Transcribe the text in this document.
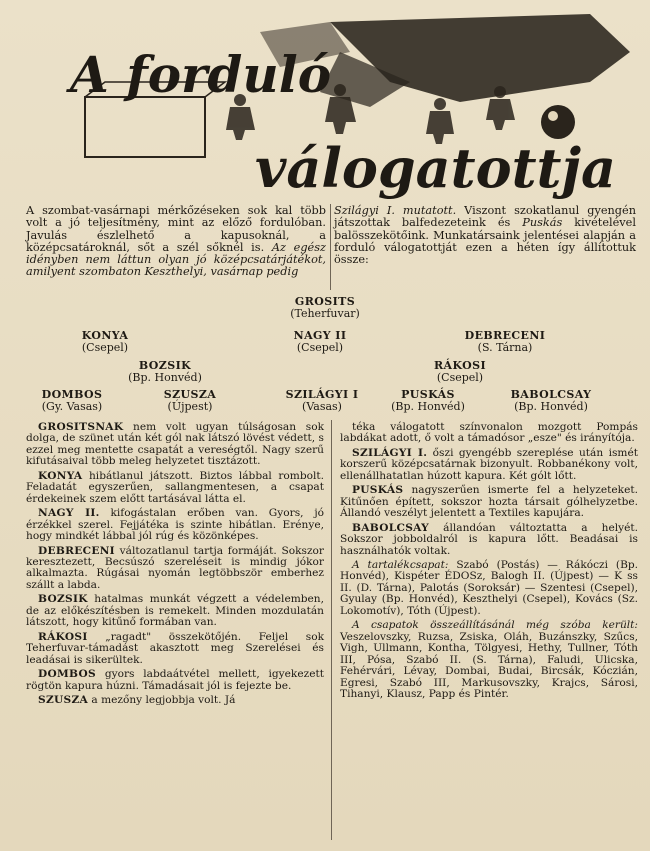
A forduló
válogatottja

A szombat-vasárnapi mérkőzéseken sok kal több volt a jó teljesítmény, mint az előző fordulóban. Javulás észlelhető a kapusoknál, a középcsatároknál, sőt a szél sőknél is. Az egész idényben nem láttun olyan jó középcsatárjátékot, amilyent szombaton Keszthelyi, vasárnap pedig

Szilágyi I. mutatott. Viszont szokatlanul gyengén játszottak balfedezeteink és Puskás kivételével balösszekötőink. Munkatársaink jelentései alapján a forduló válogatottját ezen a héten így állítottuk össze:

GROSITS
(Teherfuvar)
KONYA
(Csepel)
NAGY II
(Csepel)
DEBRECENI
(S. Tárna)
BOZSIK
(Bp. Honvéd)
RÁKOSI
(Csepel)
DOMBOS
(Gy. Vasas)
SZUSZA
(Újpest)
SZILÁGYI I
(Vasas)
PUSKÁS
(Bp. Honvéd)
BABOLCSAY
(Bp. Honvéd)

GROSITSNAK nem volt ugyan túlságosan sok dolga, de szünet után két gól nak látszó lövést védett, s ezzel meg mentette csapatát a vereségtől. Nagy szerű kifutásaival több meleg helyzetet tisztázott.

KONYA hibátlanul játszott. Biztos lábbal rombolt. Feladatát egyszerűen, sallangmentesen, a csapat érdekeinek szem előtt tartásával látta el.

NAGY II. kifogástalan erőben van. Gyors, jó érzékkel szerel. Fejjátéka is szinte hibátlan. Erénye, hogy mindkét lábbal jól rúg és közönképes.

DEBRECENI változatlanul tartja formáját. Sokszor keresztezett, Becsúszó szereléseit is mindig jókor alkalmazta. Rúgásai nyomán legtöbbször emberhez szállt a labda.

BOZSIK hatalmas munkát végzett a védelemben, de az előkészítésben is remekelt. Minden mozdulatán látszott, hogy kitűnő formában van.

RÁKOSI „ragadt" összekötőjén. Feljel sok Teherfuvar-támadást akasztott meg Szerelései és leadásai is sikerültek.

DOMBOS gyors labdaátvétel mellett, igyekezett rögtön kapura húzni. Támadásait jól is fejezte be.

SZUSZA a mezőny legjobbja volt. Já

téka válogatott színvonalon mozgott Pompás labdákat adott, ő volt a támadósor „esze" és irányítója.

SZILÁGYI I. őszi gyengébb szereplése után ismét korszerű középcsatárnak bizonyult. Robbanékony volt, ellenállhatatlan húzott kapura. Két gólt lőtt.

PUSKÁS nagyszerűen ismerte fel a helyzeteket. Kitűnően épített, sokszor hozta társait gólhelyzetbe. Állandó veszélyt jelentett a Textiles kapujára.

BABOLCSAY állandóan változtatta a helyét. Sokszor jobboldalról is kapura lőtt. Beadásai is használhatók voltak.

A tartalékcsapat: Szabó (Postás) — Rákóczi (Bp. Honvéd), Kispéter ÉDOSz, Balogh II. (Újpest) — K ss II. (D. Tárna), Palotás (Soroksár) — Szentesi (Csepel), Gyulay (Bp. Honvéd), Keszthelyi (Csepel), Kovács (Sz. Lokomotív), Tóth (Újpest).

A csapatok összeállításánál még szóba került: Veszelovszky, Ruzsa, Zsiska, Oláh, Buzánszky, Szűcs, Vigh, Ullmann, Kontha, Tölgyesi, Hethy, Tullner, Tóth III, Pósa, Szabó II. (S. Tárna), Faludi, Ulicska, Fehérvári, Lévay, Dombai, Budai, Bircsák, Kóczián, Egresi, Szabó III, Markusovszky, Krajcs, Sárosi, Tihanyi, Klausz, Papp és Pintér.
